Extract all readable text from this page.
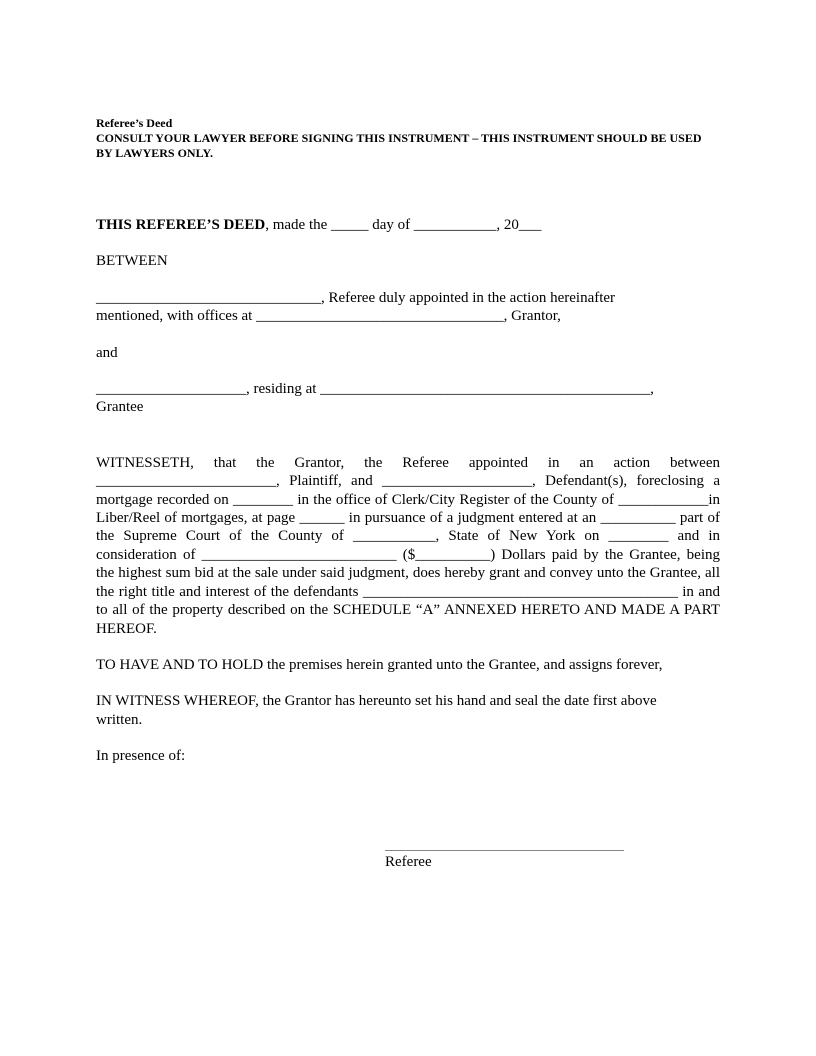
Referee’s Deed

CONSULT YOUR LAWYER BEFORE SIGNING THIS INSTRUMENT – THIS INSTRUMENT SHOULD BE USED BY LAWYERS ONLY.

THIS REFEREE’S DEED, made the _____ day of ___________, 20___

BETWEEN

______________________________, Referee duly appointed in the action hereinafter mentioned, with offices at _________________________________, Grantor,

and

____________________, residing at ____________________________________________, Grantee

WITNESSETH, that the Grantor, the Referee appointed in an action between ________________________, Plaintiff, and ____________________, Defendant(s), foreclosing a mortgage recorded on ________ in the office of Clerk/City Register of the County of ____________in Liber/Reel of mortgages, at page ______ in pursuance of a judgment entered at an __________ part of the Supreme Court of the County of ___________, State of New York on ________ and in consideration of __________________________ ($__________) Dollars paid by the Grantee, being the highest sum bid at the sale under said judgment, does hereby grant and convey unto the Grantee, all the right title and interest of the defendants __________________________________________ in and to all of the property described on the SCHEDULE “A” ANNEXED HERETO AND MADE A PART HEREOF.

TO HAVE AND TO HOLD the premises herein granted unto the Grantee, and assigns forever,

IN WITNESS WHEREOF, the Grantor has hereunto set his hand and seal the date first above written.

In presence of:

Referee
